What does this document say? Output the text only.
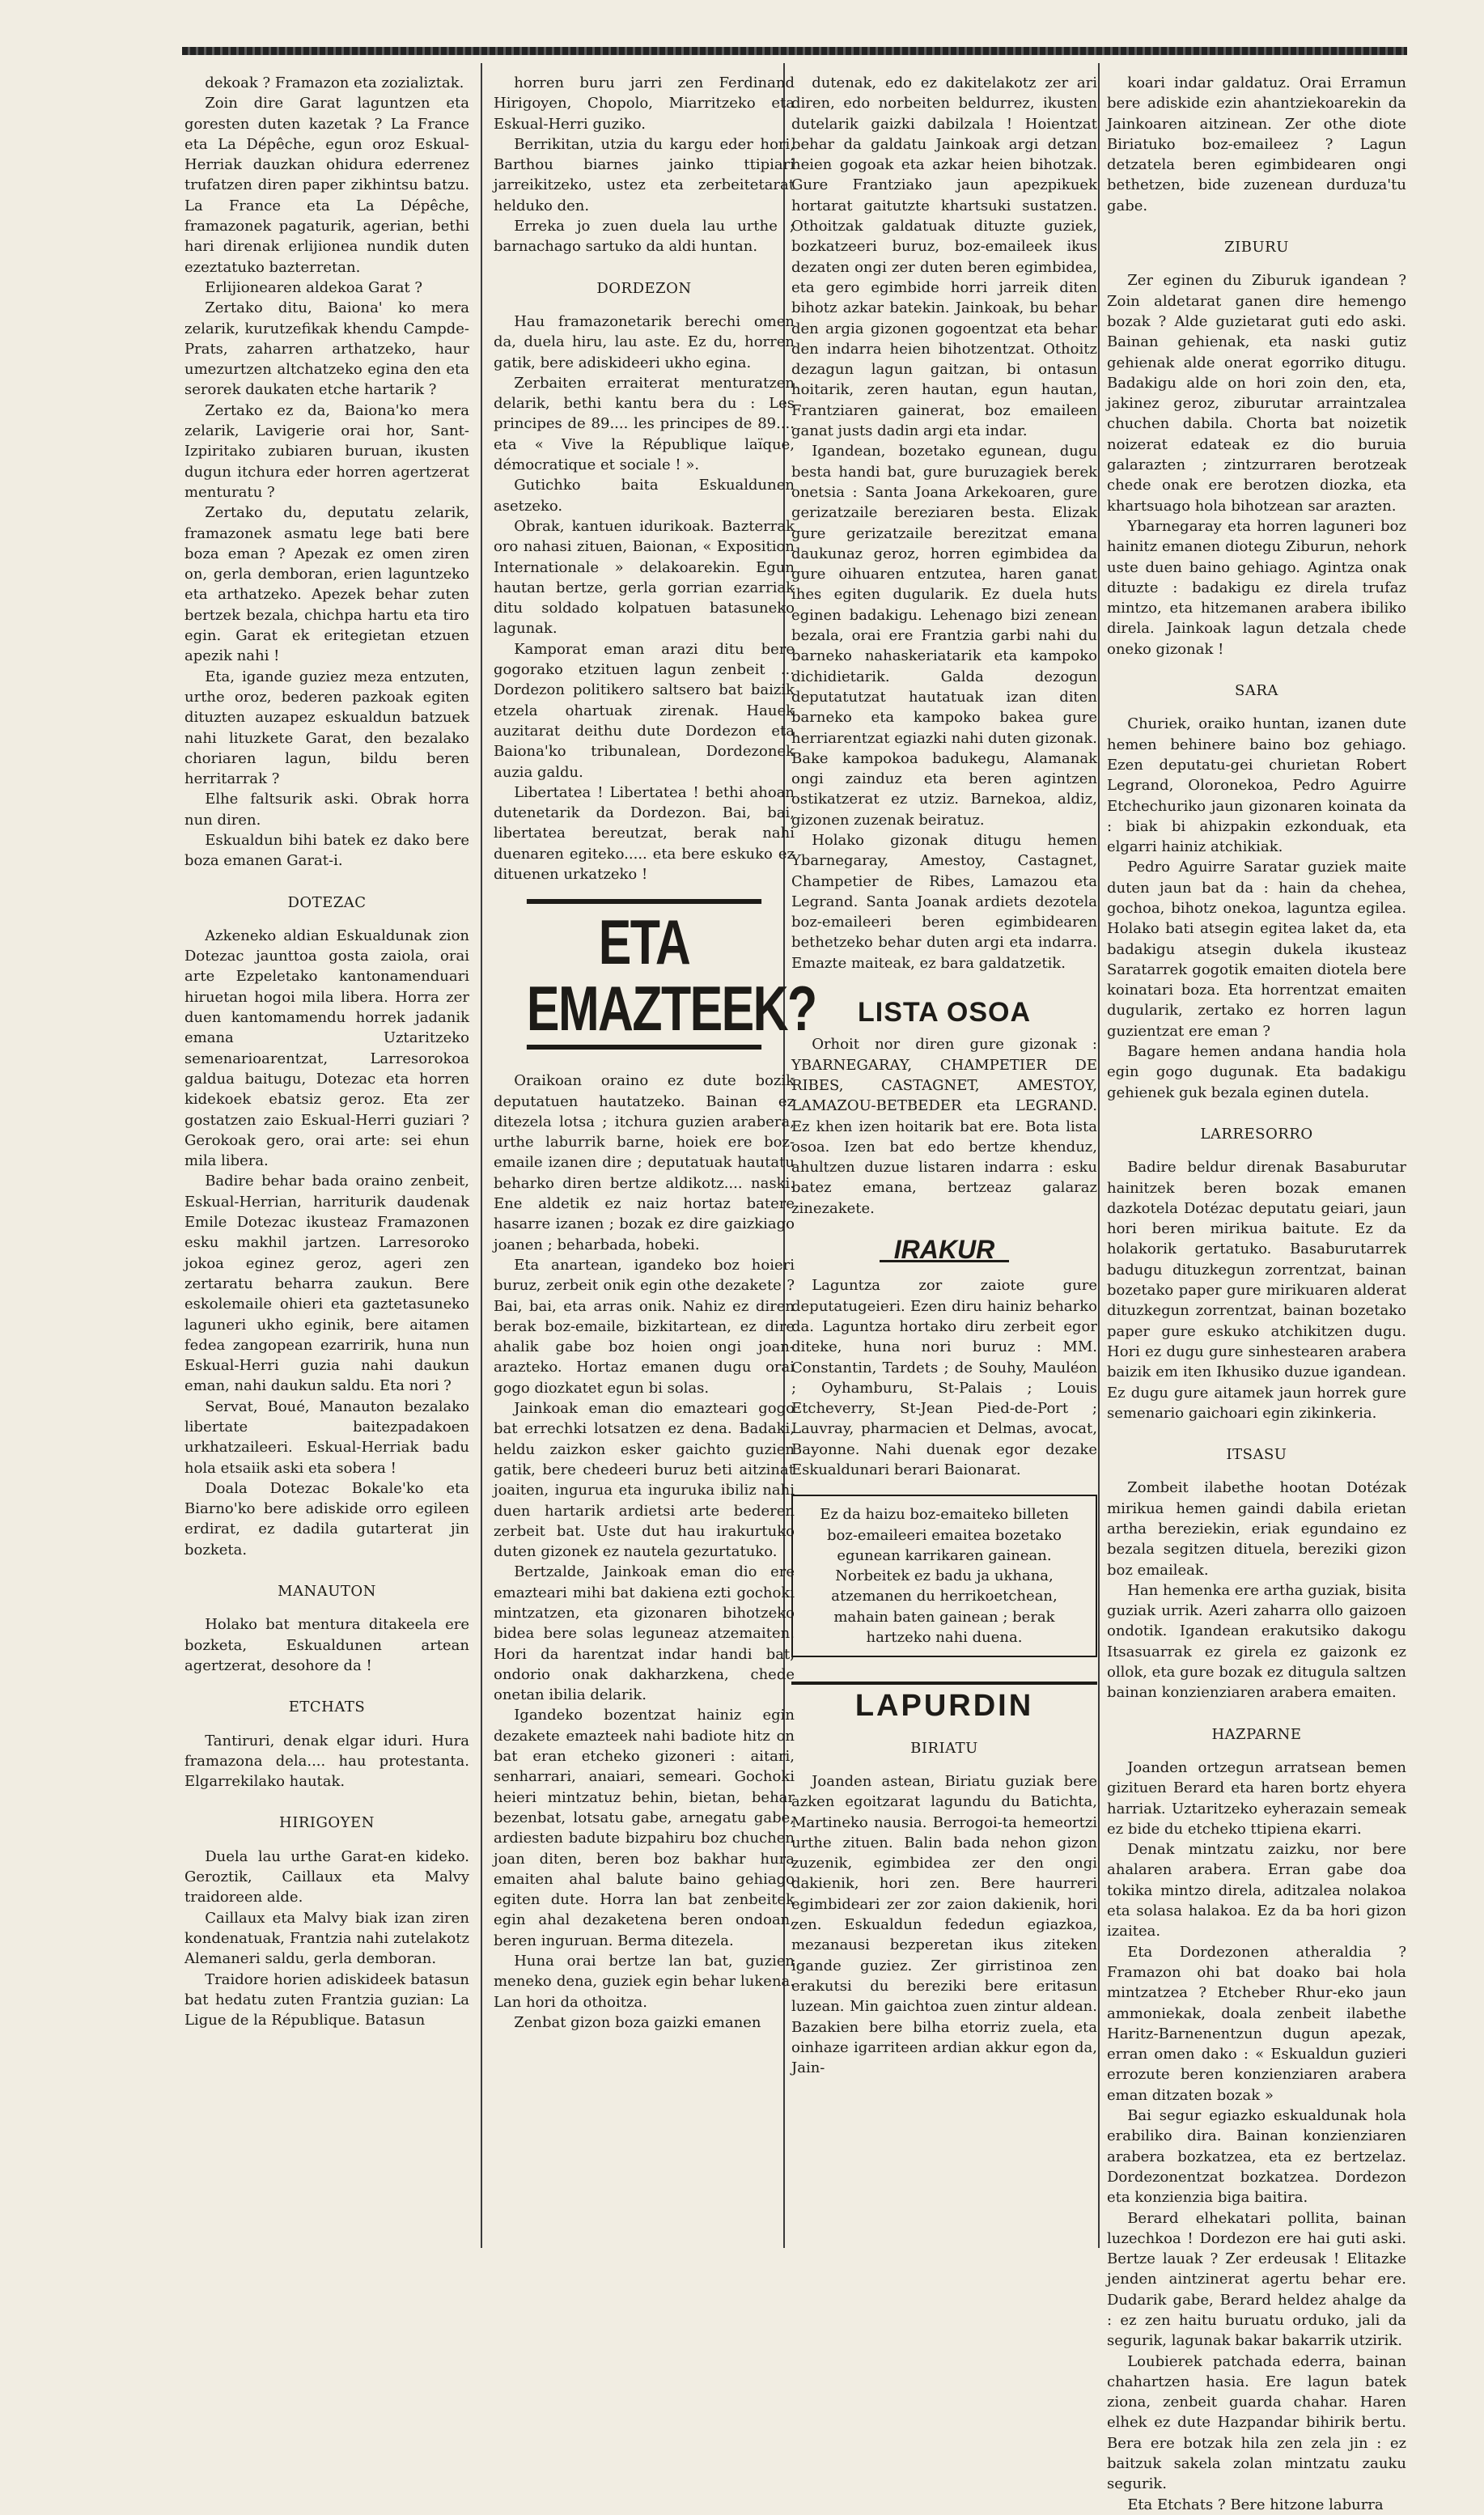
dekoak ? Framazon eta zozializtak.

Zoin dire Garat laguntzen eta goresten duten kazetak ? La France eta La Dépêche, egun oroz Eskual-Herriak dauzkan ohidura ederrenez trufatzen diren paper zikhintsu batzu. La France eta La Dépêche, framazonek pagaturik, agerian, bethi hari direnak erlijionea nundik duten ezeztatuko bazterretan.

Erlijionearen aldekoa Garat ?

Zertako ditu, Baiona' ko mera zelarik, kurutzefikak khendu Campde-Prats, zaharren arthatzeko, haur umezurtzen altchatzeko egina den eta serorek daukaten etche hartarik ?

Zertako ez da, Baiona'ko mera zelarik, Lavigerie orai hor, Sant-Izpiritako zubiaren buruan, ikusten dugun itchura eder horren agertzerat menturatu ?

Zertako du, deputatu zelarik, framazonek asmatu lege bati bere boza eman ? Apezak ez omen ziren on, gerla demboran, erien laguntzeko eta arthatzeko. Apezek behar zuten bertzek bezala, chichpa hartu eta tiro egin. Garat ek eritegietan etzuen apezik nahi !

Eta, igande guziez meza entzuten, urthe oroz, bederen pazkoak egiten dituzten auzapez eskualdun batzuek nahi lituzkete Garat, den bezalako choriaren lagun, bildu beren herritarrak ?

Elhe faltsurik aski. Obrak horra nun diren.

Eskualdun bihi batek ez dako bere boza emanen Garat-i.

DOTEZAC

Azkeneko aldian Eskualdunak zion Dotezac jaunttoa gosta zaiola, orai arte Ezpeletako kantonamenduari hiruetan hogoi mila libera. Horra zer duen kantomamendu horrek jadanik emana Uztaritzeko semenarioarentzat, Larresorokoa galdua baitugu, Dotezac eta horren kidekoek ebatsiz geroz. Eta zer gostatzen zaio Eskual-Herri guziari ? Gerokoak gero, orai arte: sei ehun mila libera.

Badire behar bada oraino zenbeit, Eskual-Herrian, harriturik daudenak Emile Dotezac ikusteaz Framazonen esku makhil jartzen. Larresoroko jokoa eginez geroz, ageri zen zertaratu beharra zaukun. Bere eskolemaile ohieri eta gaztetasuneko laguneri ukho eginik, bere aitamen fedea zangopean ezarririk, huna nun Eskual-Herri guzia nahi daukun eman, nahi daukun saldu. Eta nori ?

Servat, Boué, Manauton bezalako libertate baitezpadakoen urkhatzaileeri. Eskual-Herriak badu hola etsaiik aski eta sobera !

Doala Dotezac Bokale'ko eta Biarno'ko bere adiskide orro egileen erdirat, ez dadila gutarterat jin bozketa.

MANAUTON

Holako bat mentura ditakeela ere bozketa, Eskualdunen artean agertzerat, desohore da !

ETCHATS

Tantiruri, denak elgar iduri. Hura framazona dela.... hau protestanta. Elgarrekilako hautak.

HIRIGOYEN

Duela lau urthe Garat-en kideko. Geroztik, Caillaux eta Malvy traidoreen alde.

Caillaux eta Malvy biak izan ziren kondenatuak, Frantzia nahi zutelakotz Alemaneri saldu, gerla demboran.

Traidore horien adiskideek batasun bat hedatu zuten Frantzia guzian: La Ligue de la République. Batasun

horren buru jarri zen Ferdinand Hirigoyen, Chopolo, Miarritzeko eta Eskual-Herri guziko.

Berrikitan, utzia du kargu eder hori, Barthou biarnes jainko ttipiari jarreikitzeko, ustez eta zerbeitetarat helduko den.

Erreka jo zuen duela lau urthe ; barnachago sartuko da aldi huntan.

DORDEZON

Hau framazonetarik berechi omen da, duela hiru, lau aste. Ez du, horren gatik, bere adiskideeri ukho egina.

Zerbaiten erraiterat menturatzen delarik, bethi kantu bera du : Les principes de 89.... les principes de 89.... eta « Vive la République laïque, démocratique et sociale ! ».

Gutichko baita Eskualdunen asetzeko.

Obrak, kantuen idurikoak. Bazterrak oro nahasi zituen, Baionan, « Exposition Internationale » delakoarekin. Egun hautan bertze, gerla gorrian ezarriak ditu soldado kolpatuen batasuneko lagunak.

Kamporat eman arazi ditu bere gogorako etzituen lagun zenbeit ... Dordezon politikero saltsero bat baizik etzela ohartuak zirenak. Hauek auzitarat deithu dute Dordezon eta Baiona'ko tribunalean, Dordezonek auzia galdu.

Libertatea ! Libertatea ! bethi ahoan dutenetarik da Dordezon. Bai, bai, libertatea bereutzat, berak nahi duenaren egiteko..... eta bere eskuko ez dituenen urkatzeko !

ETA EMAZTEEK?

Oraikoan oraino ez dute bozik deputatuen hautatzeko. Bainan ez ditezela lotsa ; itchura guzien arabera, urthe laburrik barne, hoiek ere boz-emaile izanen dire ; deputatuak hautatu beharko diren bertze aldikotz.... naski. Ene aldetik ez naiz hortaz batere hasarre izanen ; bozak ez dire gaizkiago joanen ; beharbada, hobeki.

Eta anartean, igandeko boz hoieri buruz, zerbeit onik egin othe dezakete ? Bai, bai, eta arras onik. Nahiz ez diren berak boz-emaile, bizkitartean, ez dire ahalik gabe boz hoien ongi joan-arazteko. Hortaz emanen dugu orai gogo diozkatet egun bi solas.

Jainkoak eman dio emazteari gogo bat errechki lotsatzen ez dena. Badaki, heldu zaizkon esker gaichto guzien gatik, bere chedeeri buruz beti aitzinat joaiten, ingurua eta inguruka ibiliz nahi duen hartarik ardietsi arte bederen zerbeit bat. Uste dut hau irakurtuko duten gizonek ez nautela gezurtatuko.

Bertzalde, Jainkoak eman dio ere emazteari mihi bat dakiena ezti gochoki mintzatzen, eta gizonaren bihotzeko bidea bere solas leguneaz atzemaiten. Hori da harentzat indar handi bat, ondorio onak dakharzkena, chede onetan ibilia delarik.

Igandeko bozentzat hainiz egin dezakete emazteek nahi badiote hitz on bat eran etcheko gizoneri : aitari, senharrari, anaiari, semeari. Gochoki heieri mintzatuz behin, bietan, behar bezenbat, lotsatu gabe, arnegatu gabe, ardiesten badute bizpahiru boz chuchen joan diten, beren boz bakhar hura emaiten ahal balute baino gehiago egiten dute. Horra lan bat zenbeitek egin ahal dezaketena beren ondoan, beren inguruan. Berma ditezela.

Huna orai bertze lan bat, guzien meneko dena, guziek egin behar lukena. Lan hori da othoitza.

Zenbat gizon boza gaizki emanen

dutenak, edo ez dakitelakotz zer ari diren, edo norbeiten beldurrez, ikusten dutelarik gaizki dabilzala ! Hoientzat behar da galdatu Jainkoak argi detzan heien gogoak eta azkar heien bihotzak. Gure Frantziako jaun apezpikuek hortarat gaitutzte khartsuki sustatzen. Othoitzak galdatuak dituzte guziek, bozkatzeeri buruz, boz-emaileek ikus dezaten ongi zer duten beren egimbidea, eta gero egimbide horri jarreik diten bihotz azkar batekin. Jainkoak, bu behar den argia gizonen gogoentzat eta behar den indarra heien bihotzentzat. Othoitz dezagun lagun gaitzan, bi ontasun hoitarik, zeren hautan, egun hautan, Frantziaren gainerat, boz emaileen ganat justs dadin argi eta indar.

Igandean, bozetako egunean, dugu besta handi bat, gure buruzagiek berek onetsia : Santa Joana Arkekoaren, gure gerizatzaile bereziaren besta. Elizak gure gerizatzaile berezitzat emana daukunaz geroz, horren egimbidea da gure oihuaren entzutea, haren ganat ihes egiten dugularik. Ez duela huts eginen badakigu. Lehenago bizi zenean bezala, orai ere Frantzia garbi nahi du barneko nahaskeriatarik eta kampoko dichidietarik. Galda dezogun deputatutzat hautatuak izan diten barneko eta kampoko bakea gure herriarentzat egiazki nahi duten gizonak. Bake kampokoa badukegu, Alamanak ongi zainduz eta beren agintzen ostikatzerat ez utziz. Barnekoa, aldiz, gizonen zuzenak beiratuz.

Holako gizonak ditugu hemen Ybarnegaray, Amestoy, Castagnet, Champetier de Ribes, Lamazou eta Legrand. Santa Joanak ardiets dezotela boz-emaileeri beren egimbidearen bethetzeko behar duten argi eta indarra. Emazte maiteak, ez bara galdatzetik.

LISTA OSOA

Orhoit nor diren gure gizonak : YBARNEGARAY, CHAMPETIER DE RIBES, CASTAGNET, AMESTOY, LAMAZOU-BETBEDER eta LEGRAND. Ez khen izen hoitarik bat ere. Bota lista osoa. Izen bat edo bertze khenduz, ahultzen duzue listaren indarra : esku batez emana, bertzeaz galaraz zinezakete.

IRAKUR

Laguntza zor zaiote gure deputatugeieri. Ezen diru hainiz beharko da. Laguntza hortako diru zerbeit egor diteke, huna nori buruz : MM. Constantin, Tardets ; de Souhy, Mauléon ; Oyhamburu, St-Palais ; Louis Etcheverry, St-Jean Pied-de-Port ; Lauvray, pharmacien et Delmas, avocat, Bayonne. Nahi duenak egor dezake Eskualdunari berari Baionarat.

Ez da haizu boz-emaiteko billeten boz-emaileeri emaitea bozetako egunean karrikaren gainean. Norbeitek ez badu ja ukhana, atzemanen du herrikoetchean, mahain baten gainean ; berak hartzeko nahi duena.

LAPURDIN
BIRIATU

Joanden astean, Biriatu guziak bere azken egoitzarat lagundu du Batichta, Martineko nausia. Berrogoi-ta hemeortzi urthe zituen. Balin bada nehon gizon zuzenik, egimbidea zer den ongi dakienik, hori zen. Bere haurreri egimbideari zer zor zaion dakienik, hori zen. Eskualdun fededun egiazkoa, mezanausi bezperetan ikus ziteken igande guziez. Zer girristinoa zen erakutsi du bereziki bere eritasun luzean. Min gaichtoa zuen zintur aldean. Bazakien bere bilha etorriz zuela, eta oinhaze igarriteen ardian akkur egon da, Jain-

koari indar galdatuz. Orai Erramun bere adiskide ezin ahantziekoarekin da Jainkoaren aitzinean. Zer othe diote Biriatuko boz-emaileez ? Lagun detzatela beren egimbidearen ongi bethetzen, bide zuzenean durduza'tu gabe.

ZIBURU

Zer eginen du Ziburuk igandean ? Zoin aldetarat ganen dire hemengo bozak ? Alde guzietarat guti edo aski. Bainan gehienak, eta naski gutiz gehienak alde onerat egorriko ditugu. Badakigu alde on hori zoin den, eta, jakinez geroz, ziburutar arraintzalea chuchen dabila. Chorta bat noizetik noizerat edateak ez dio buruia galarazten ; zintzurraren berotzeak chede onak ere berotzen diozka, eta khartsuago hola bihotzean sar arazten.

Ybarnegaray eta horren laguneri boz hainitz emanen diotegu Ziburun, nehork uste duen baino gehiago. Agintza onak dituzte : badakigu ez direla trufaz mintzo, eta hitzemanen arabera ibiliko direla. Jainkoak lagun detzala chede oneko gizonak !

SARA

Churiek, oraiko huntan, izanen dute hemen behinere baino boz gehiago. Ezen deputatu-gei churietan Robert Legrand, Oloronekoa, Pedro Aguirre Etchechuriko jaun gizonaren koinata da : biak bi ahizpakin ezkonduak, eta elgarri hainiz atchikiak.

Pedro Aguirre Saratar guziek maite duten jaun bat da : hain da chehea, gochoa, bihotz onekoa, laguntza egilea. Holako bati atsegin egitea laket da, eta badakigu atsegin dukela ikusteaz Saratarrek gogotik emaiten diotela bere koinatari boza. Eta horrentzat emaiten dugularik, zertako ez horren lagun guzientzat ere eman ?

Bagare hemen andana handia hola egin gogo dugunak. Eta badakigu gehienek guk bezala eginen dutela.

LARRESORRO

Badire beldur direnak Basaburutar hainitzek beren bozak emanen dazkotela Dotézac deputatu geiari, jaun hori beren mirikua baitute. Ez da holakorik gertatuko. Basaburutarrek badugu dituzkegun zorrentzat, bainan bozetako paper gure mirikuaren alderat dituzkegun zorrentzat, bainan bozetako paper gure eskuko atchikitzen dugu. Hori ez dugu gure sinhestearen arabera baizik em iten Ikhusiko duzue igandean. Ez dugu gure aitamek jaun horrek gure semenario gaichoari egin zikinkeria.

ITSASU

Zombeit ilabethe hootan Dotézak mirikua hemen gaindi dabila erietan artha bereziekin, eriak egundaino ez bezala segitzen dituela, bereziki gizon boz emaileak.

Han hemenka ere artha guziak, bisita guziak urrik. Azeri zaharra ollo gaizoen ondotik. Igandean erakutsiko dakogu Itsasuarrak ez girela ez gaizonk ez ollok, eta gure bozak ez ditugula saltzen bainan konzienziaren arabera emaiten.

HAZPARNE

Joanden ortzegun arratsean bemen gizituen Berard eta haren bortz ehyera harriak. Uztaritzeko eyherazain semeak ez bide du etcheko ttipiena ekarri.

Denak mintzatu zaizku, nor bere ahalaren arabera. Erran gabe doa tokika mintzo direla, aditzalea nolakoa eta solasa halakoa. Ez da ba hori gizon izaitea.

Eta Dordezonen atheraldia ? Framazon ohi bat doako bai hola mintzatzea ? Etcheber Rhur-eko jaun ammoniekak, doala zenbeit ilabethe Haritz-Barnenentzun dugun apezak, erran omen dako : « Eskualdun guzieri errozute beren konzienziaren arabera eman ditzaten bozak »

Bai segur egiazko eskualdunak hola erabiliko dira. Bainan konzienziaren arabera bozkatzea, eta ez bertzelaz. Dordezonentzat bozkatzea. Dordezon eta konzienzia biga baitira.

Berard elhekatari pollita, bainan luzechkoa ! Dordezon ere hai guti aski. Bertze lauak ? Zer erdeusak ! Elitazke jenden aintzinerat agertu behar ere. Dudarik gabe, Berard heldez ahalge da : ez zen haitu buruatu orduko, jali da segurik, lagunak bakar bakarrik utzirik.

Loubierek patchada ederra, bainan chahartzen hasia. Ere lagun batek ziona, zenbeit guarda chahar. Haren elhek ez dute Hazpandar bihirik bertu. Bera ere botzak hila zen zela jin : ez baitzuk sakela zolan mintzatu zauku segurik.

Eta Etchats ? Bere hitzone laburra
